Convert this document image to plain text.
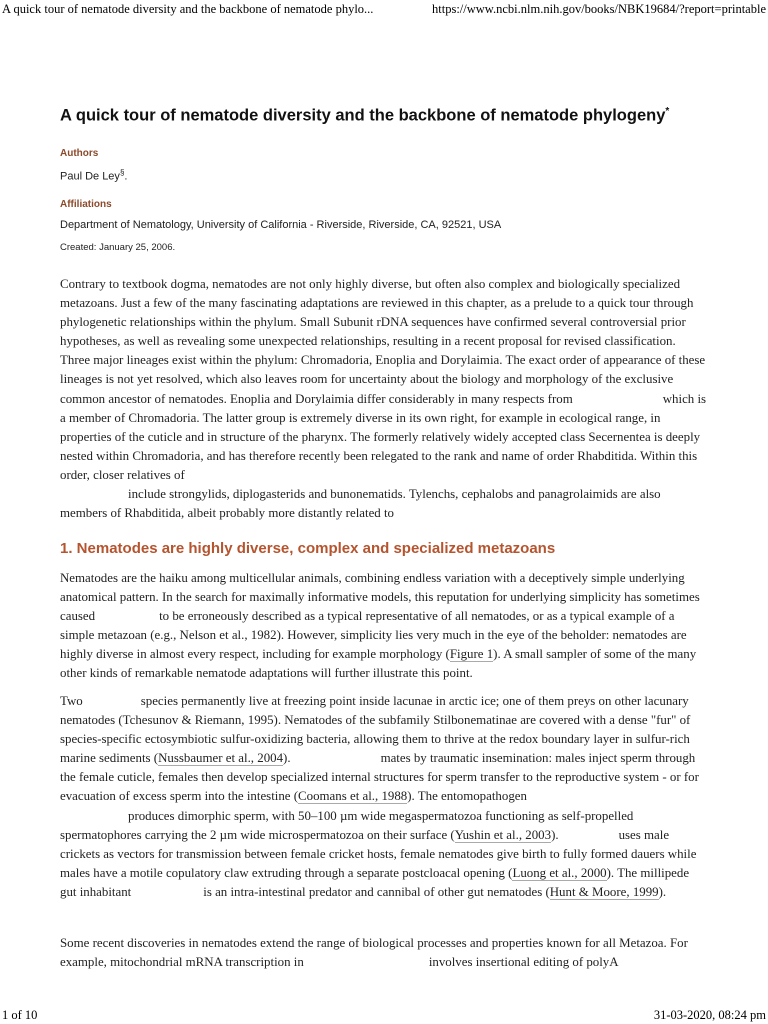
A quick tour of nematode diversity and the backbone of nematode phylo...	https://www.ncbi.nlm.nih.gov/books/NBK19684/?report=printable
A quick tour of nematode diversity and the backbone of nematode phylogeny*
Authors
Paul De Ley§.
Affiliations
Department of Nematology, University of California - Riverside, Riverside, CA, 92521, USA
Created: January 25, 2006.

Contrary to textbook dogma, nematodes are not only highly diverse, but often also complex and biologically specialized metazoans. Just a few of the many fascinating adaptations are reviewed in this chapter, as a prelude to a quick tour through phylogenetic relationships within the phylum. Small Subunit rDNA sequences have confirmed several controversial prior hypotheses, as well as revealing some unexpected relationships, resulting in a recent proposal for revised classification. Three major lineages exist within the phylum: Chromadoria, Enoplia and Dorylaimia. The exact order of appearance of these lineages is not yet resolved, which also leaves room for uncertainty about the biology and morphology of the exclusive common ancestor of nematodes. Enoplia and Dorylaimia differ considerably in many respects from	which is a member of Chromadoria. The latter group is extremely diverse in its own right, for example in ecological range, in properties of the cuticle and in structure of the pharynx. The formerly relatively widely accepted class Secernentea is deeply nested within Chromadoria, and has therefore recently been relegated to the rank and name of order Rhabditida. Within this order, closer relatives of
include strongylids, diplogasterids and bunonematids. Tylenchs, cephalobs and panagrolaimids are also members of Rhabditida, albeit probably more distantly related to

1. Nematodes are highly diverse, complex and specialized metazoans

Nematodes are the haiku among multicellular animals, combining endless variation with a deceptively simple underlying anatomical pattern. In the search for maximally informative models, this reputation for underlying simplicity has sometimes caused	to be erroneously described as a typical representative of all nematodes, or as a typical example of a simple metazoan (e.g., Nelson et al., 1982). However, simplicity lies very much in the eye of the beholder: nematodes are highly diverse in almost every respect, including for example morphology (Figure 1). A small sampler of some of the many other kinds of remarkable nematode adaptations will further illustrate this point.

Two	species permanently live at freezing point inside lacunae in arctic ice; one of them preys on other lacunary nematodes (Tchesunov & Riemann, 1995). Nematodes of the subfamily Stilbonematinae are covered with a dense "fur" of species-specific ectosymbiotic sulfur-oxidizing bacteria, allowing them to thrive at the redox boundary layer in sulfur-rich marine sediments (Nussbaumer et al., 2004).	mates by traumatic insemination: males inject sperm through the female cuticle, females then develop specialized internal structures for sperm transfer to the reproductive system - or for evacuation of excess sperm into the intestine (Coomans et al., 1988). The entomopathogen
produces dimorphic sperm, with 50–100 µm wide megaspermatozoa functioning as self-propelled spermatophores carrying the 2 µm wide microspermatozoa on their surface (Yushin et al., 2003).	uses male crickets as vectors for transmission between female cricket hosts, female nematodes give birth to fully formed dauers while males have a motile copulatory claw extruding through a separate postcloacal opening (Luong et al., 2000). The millipede gut inhabitant	is an intra-intestinal predator and cannibal of other gut nematodes (Hunt & Moore, 1999).

Some recent discoveries in nematodes extend the range of biological processes and properties known for all Metazoa. For example, mitochondrial mRNA transcription in	involves insertional editing of polyA

1 of 10	31-03-2020, 08:24 pm
